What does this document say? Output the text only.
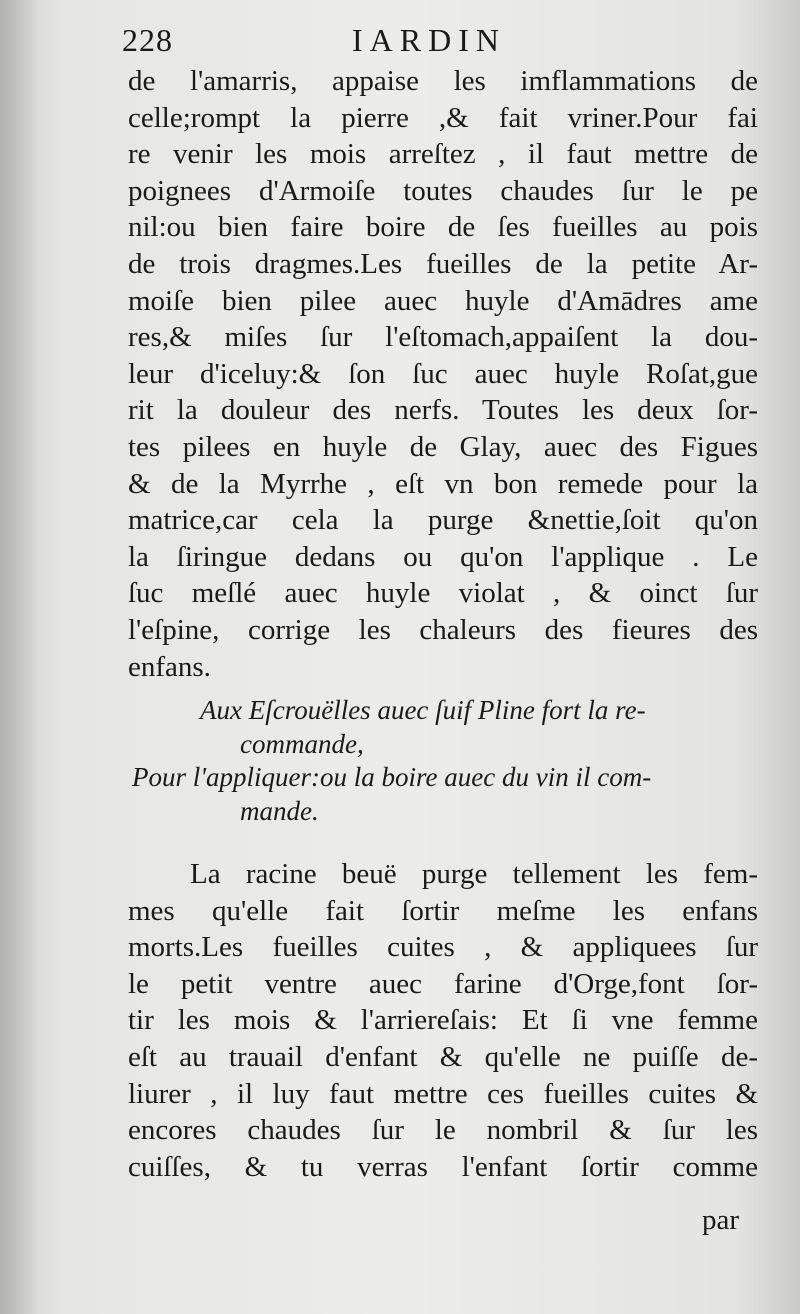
228	IARDIN
de l'amarris, appaise les imflammations de
celle;rompt la pierre ,& fait vriner.Pour fai
re venir les mois arreſtez , il faut mettre de
poignees d'Armoiſe toutes chaudes ſur le pe
nil:ou bien faire boire de ſes fueilles au pois
de trois dragmes.Les fueilles de la petite Ar-
moiſe bien pilee auec huyle d'Amādres ame
res,& miſes ſur l'eſtomach,appaiſent la dou-
leur d'iceluy:& ſon ſuc auec huyle Roſat,gue
rit la douleur des nerfs. Toutes les deux ſor-
tes pilees en huyle de Glay, auec des Figues
& de la Myrrhe , eſt vn bon remede pour la
matrice,car cela la purge &nettie,ſoit qu'on
la ſiringue dedans ou qu'on l'applique . Le
ſuc meſlé auec huyle violat , & oinct ſur
l'eſpine, corrige les chaleurs des fieures des
enfans.
Aux Eſcrouëlles auec ſuif Pline fort la re-
commande,
Pour l'appliquer:ou la boire auec du vin il com-
mande.
La racine beuë purge tellement les fem-
mes qu'elle fait ſortir meſme les enfans
morts.Les fueilles cuites , & appliquees ſur
le petit ventre auec farine d'Orge,font ſor-
tir les mois & l'arriereſais: Et ſi vne femme
eſt au trauail d'enfant & qu'elle ne puiſſe de-
liurer , il luy faut mettre ces fueilles cuites &
encores chaudes ſur le nombril & ſur les
cuiſſes, & tu verras l'enfant ſortir comme
par
